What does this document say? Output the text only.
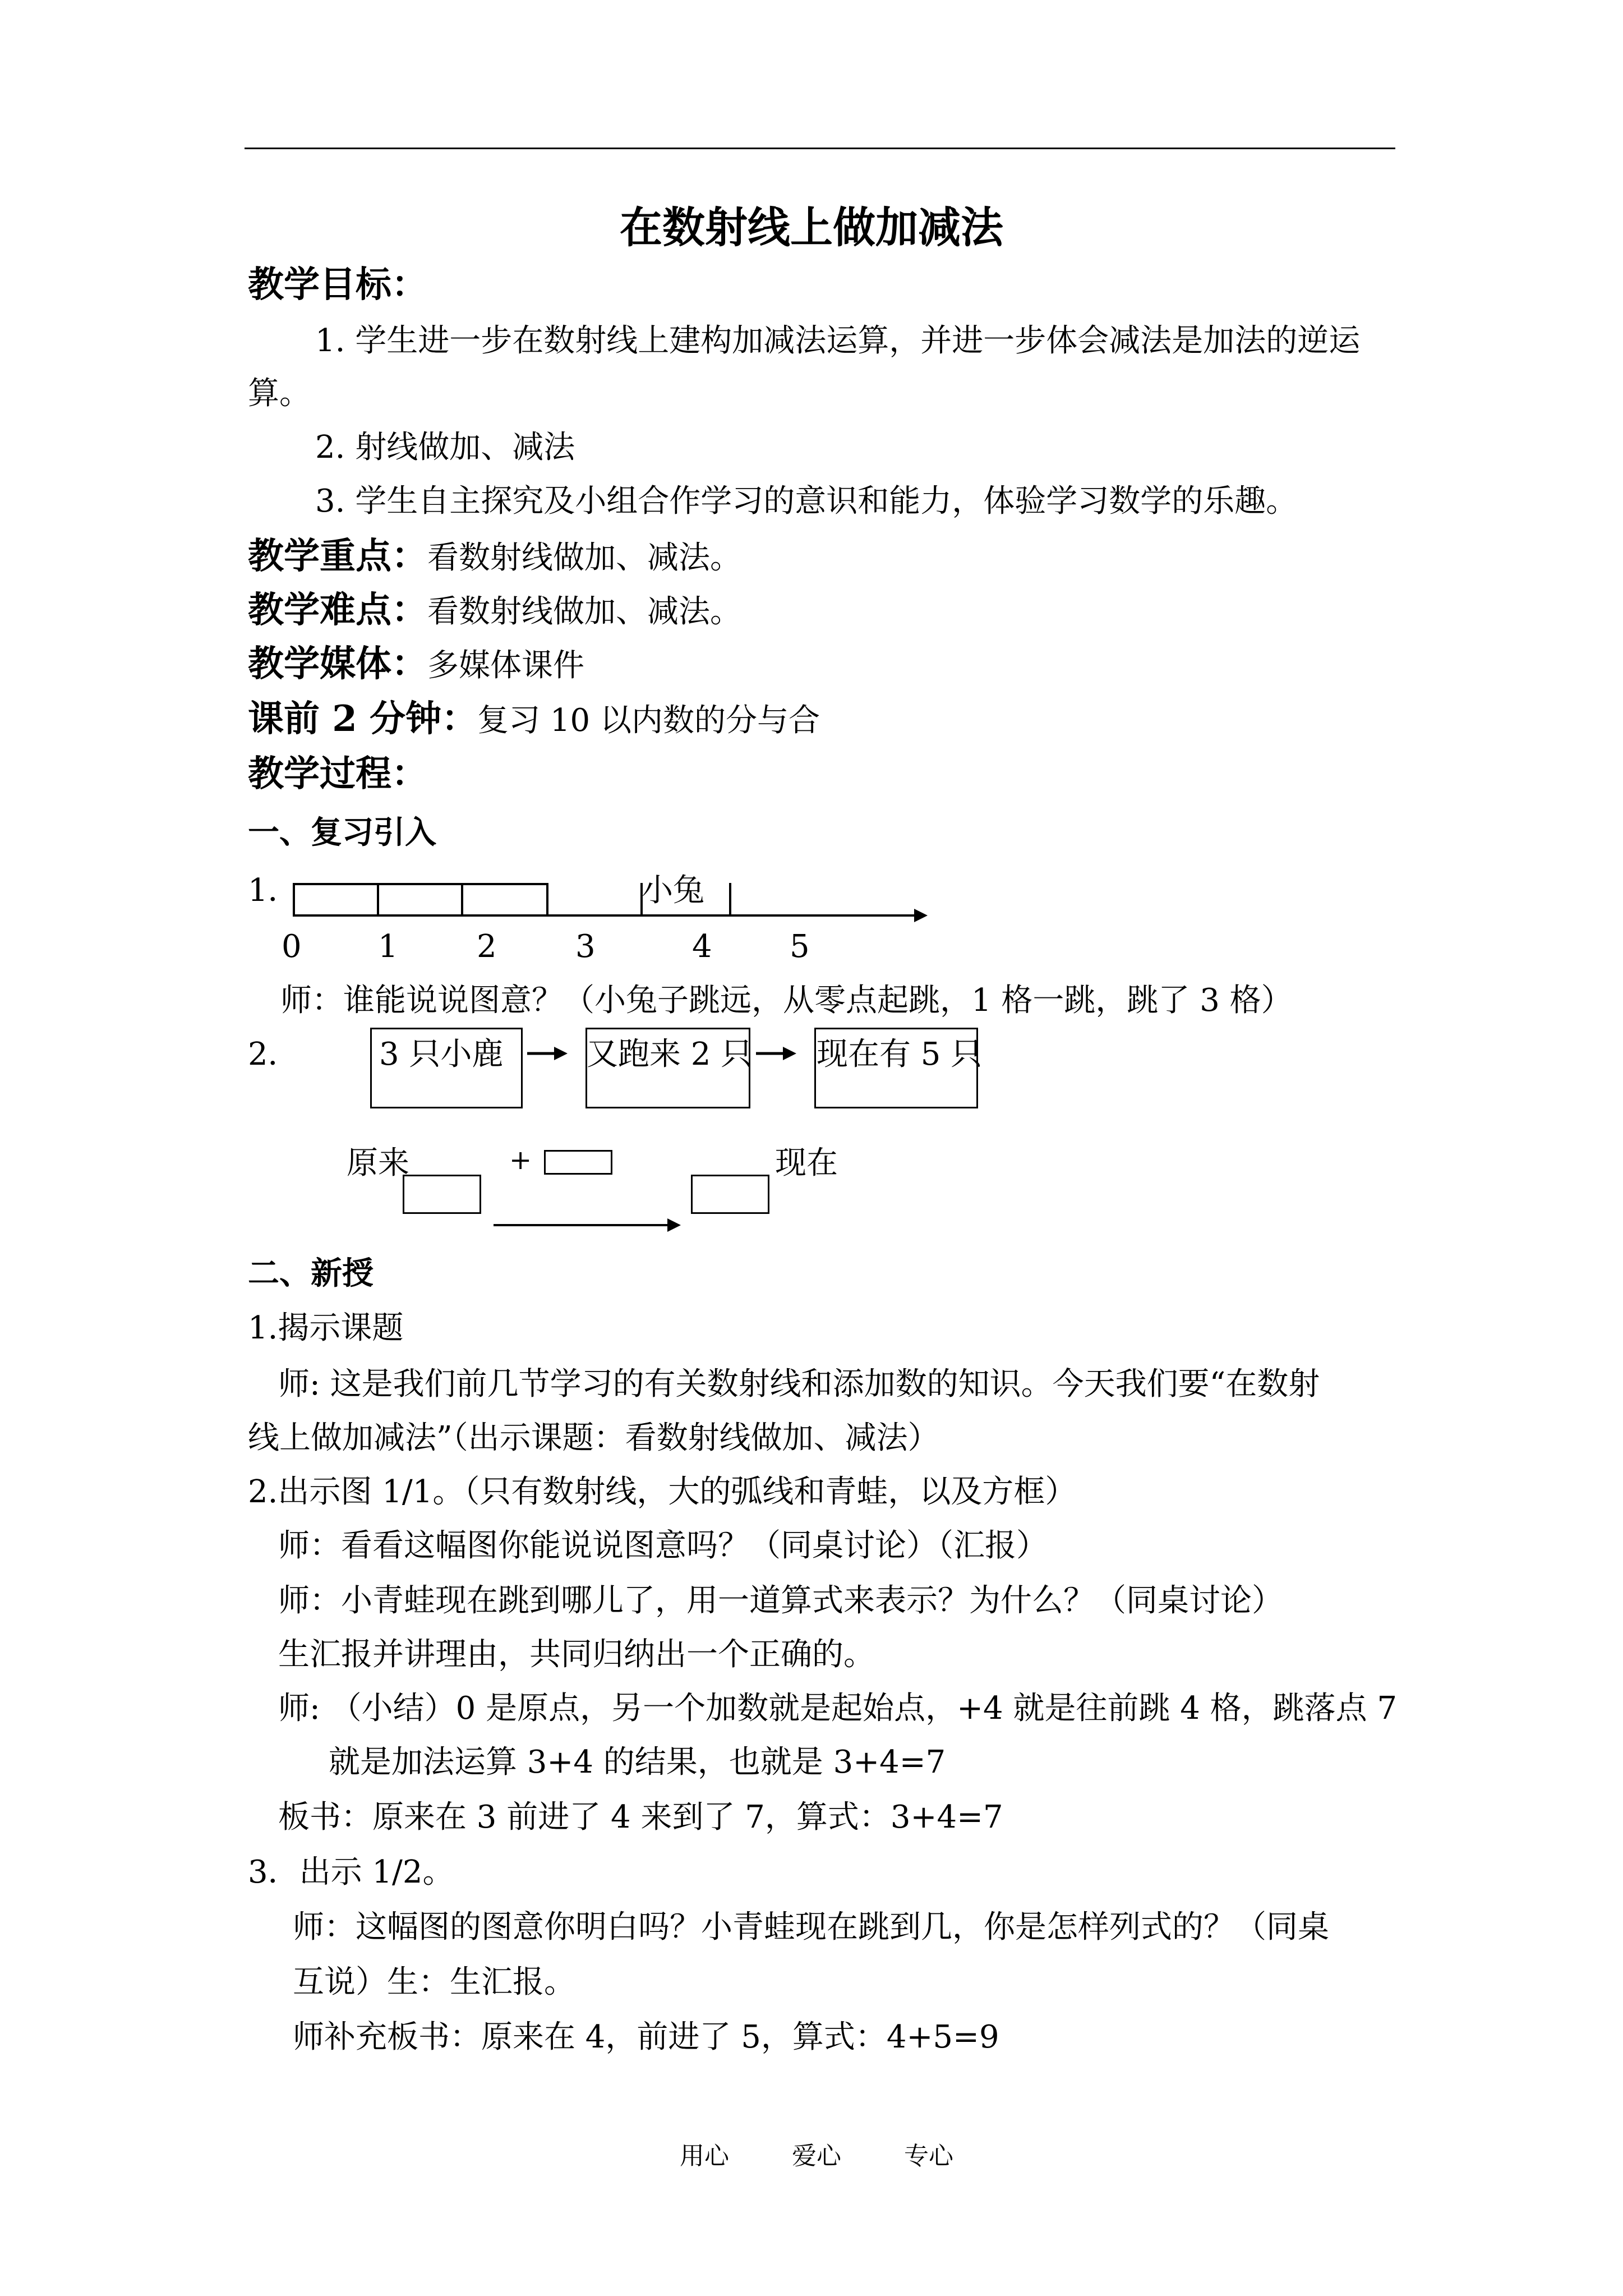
在数射线上做加减法
教学目标：
1. 学生进一步在数射线上建构加减法运算，并进一步体会减法是加法的逆运
算。
2. 射线做加、减法
3. 学生自主探究及小组合作学习的意识和能力，体验学习数学的乐趣。
教学重点：看数射线做加、减法。
教学难点：看数射线做加、减法。
教学媒体：多媒体课件
课前 2 分钟：复习 10 以内数的分与合
教学过程：
一、复习引入
1．	小兔
0 1	2	3	4 5
师：谁能说说图意？（小兔子跳远，从零点起跳，1 格一跳，跳了 3 格）
2．	3 只小鹿	又跑来 2 只 现在有 5 只
原来	+	现在
二、新授
1.揭示课题
师: 这是我们前几节学习的有关数射线和添加数的知识。今天我们要“在数射
线上做加减法”（出示课题：看数射线做加、减法）
2.出示图 1/1。（只有数射线，大的弧线和青蛙，以及方框）
师：看看这幅图你能说说图意吗？（同桌讨论）（汇报）
师：小青蛙现在跳到哪儿了，用一道算式来表示？为什么？（同桌讨论）
生汇报并讲理由，共同归纳出一个正确的。
师: （小结）0 是原点，另一个加数就是起始点，+4 就是往前跳 4 格，跳落点 7
就是加法运算 3+4 的结果，也就是 3+4=7
板书：原来在 3 前进了 4 来到了 7，算式：3+4=7
3．出示 1/2。
师：这幅图的图意你明白吗？小青蛙现在跳到几，你是怎样列式的？（同桌
互说）生：生汇报。
师补充板书：原来在 4，前进了 5，算式：4+5=9
用心	爱心	专心
